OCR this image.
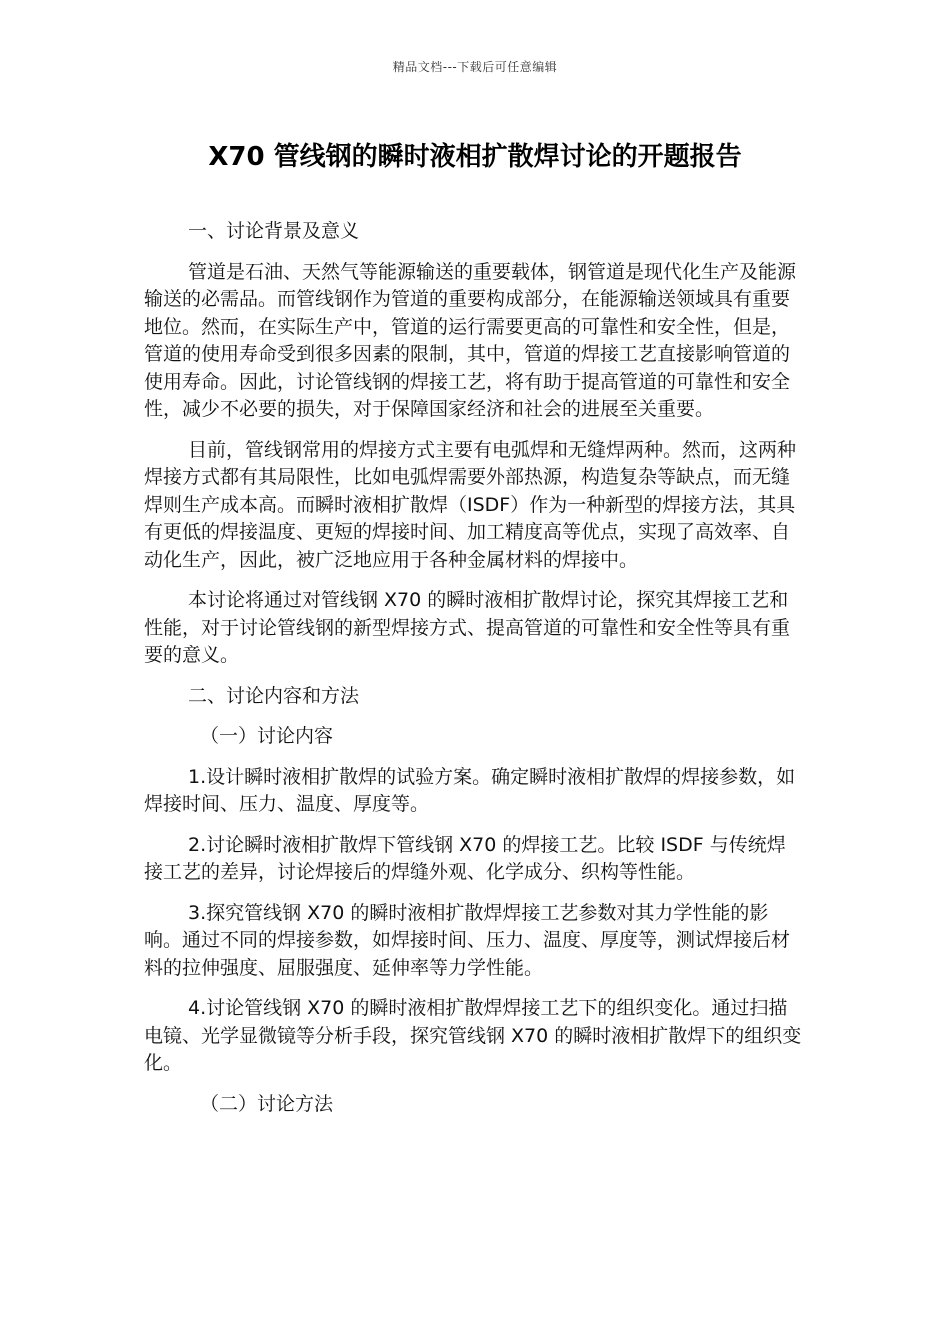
精品文档---下载后可任意编辑
X70 管线钢的瞬时液相扩散焊讨论的开题报告

一、讨论背景及意义

管道是石油、天然气等能源输送的重要载体，钢管道是现代化生产及能源输送的必需品。而管线钢作为管道的重要构成部分，在能源输送领域具有重要地位。然而，在实际生产中，管道的运行需要更高的可靠性和安全性，但是，管道的使用寿命受到很多因素的限制，其中，管道的焊接工艺直接影响管道的使用寿命。因此，讨论管线钢的焊接工艺，将有助于提高管道的可靠性和安全性，减少不必要的损失，对于保障国家经济和社会的进展至关重要。

目前，管线钢常用的焊接方式主要有电弧焊和无缝焊两种。然而，这两种焊接方式都有其局限性，比如电弧焊需要外部热源，构造复杂等缺点，而无缝焊则生产成本高。而瞬时液相扩散焊（ISDF）作为一种新型的焊接方法，其具有更低的焊接温度、更短的焊接时间、加工精度高等优点，实现了高效率、自动化生产，因此，被广泛地应用于各种金属材料的焊接中。

本讨论将通过对管线钢 X70 的瞬时液相扩散焊讨论，探究其焊接工艺和性能，对于讨论管线钢的新型焊接方式、提高管道的可靠性和安全性等具有重要的意义。

二、讨论内容和方法

（一）讨论内容

1.设计瞬时液相扩散焊的试验方案。确定瞬时液相扩散焊的焊接参数，如焊接时间、压力、温度、厚度等。

2.讨论瞬时液相扩散焊下管线钢 X70 的焊接工艺。比较 ISDF 与传统焊接工艺的差异，讨论焊接后的焊缝外观、化学成分、织构等性能。

3.探究管线钢 X70 的瞬时液相扩散焊焊接工艺参数对其力学性能的影响。通过不同的焊接参数，如焊接时间、压力、温度、厚度等，测试焊接后材料的拉伸强度、屈服强度、延伸率等力学性能。

4.讨论管线钢 X70 的瞬时液相扩散焊焊接工艺下的组织变化。通过扫描电镜、光学显微镜等分析手段，探究管线钢 X70 的瞬时液相扩散焊下的组织变化。

（二）讨论方法
